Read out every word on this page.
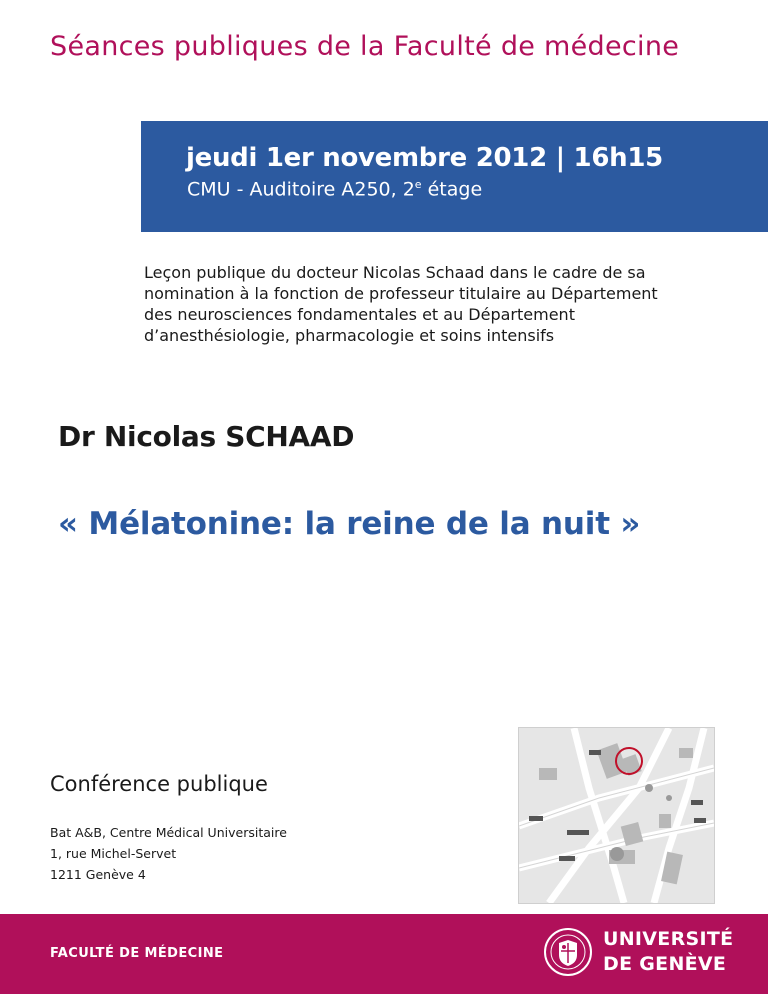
Séances publiques de la Faculté de médecine
jeudi 1er novembre 2012 | 16h15
CMU - Auditoire A250, 2e étage
Leçon publique du docteur Nicolas Schaad dans le cadre de sa nomination à la fonction de professeur titulaire au Département des neurosciences fondamentales et au Département d’anesthésiologie, pharmacologie et soins intensifs
Dr Nicolas SCHAAD
« Mélatonine: la reine de la nuit »
Conférence publique
Bat A&B, Centre Médical Universitaire
1, rue Michel-Servet
1211 Genève 4
FACULTÉ DE MÉDECINE
UNIVERSITÉ
DE GENÈVE
